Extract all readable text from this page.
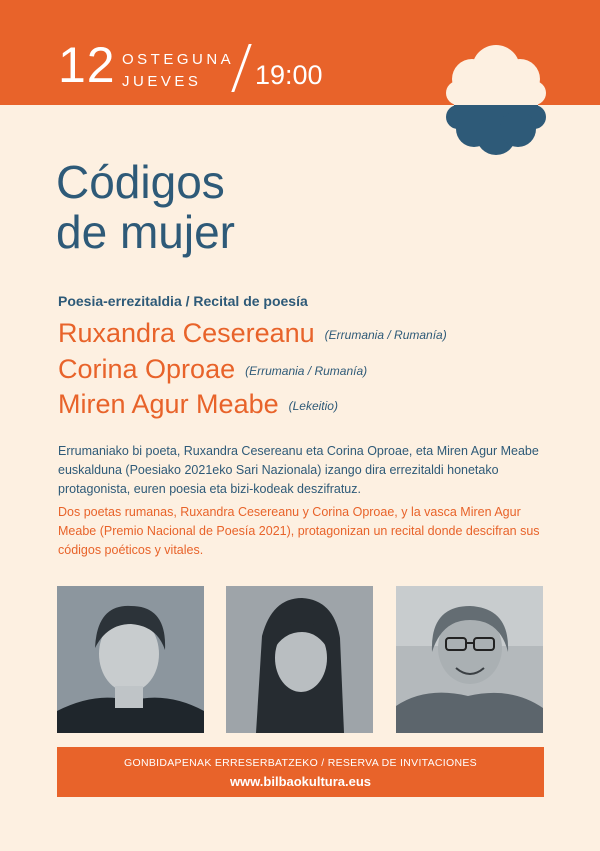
12 OSTEGUNA
JUEVES 19:00
Códigos
de mujer
Poesia-errezitaldia / Recital de poesía
Ruxandra Cesereanu (Errumania / Rumanía)
Corina Oproae (Errumania / Rumanía)
Miren Agur Meabe (Lekeitio)

Errumaniako bi poeta, Ruxandra Cesereanu eta Corina Oproae, eta Miren Agur Meabe euskalduna (Poesiako 2021eko Sari Nazionala) izango dira errezitaldi honetako protagonista, euren poesia eta bizi-kodeak deszifratuz.

Dos poetas rumanas, Ruxandra Cesereanu y Corina Oproae, y la vasca Miren Agur Meabe (Premio Nacional de Poesía 2021), protagonizan un recital donde descifran sus códigos poéticos y vitales.

GONBIDAPENAK ERRESERBATZEKO / RESERVA DE INVITACIONES
www.bilbaokultura.eus
